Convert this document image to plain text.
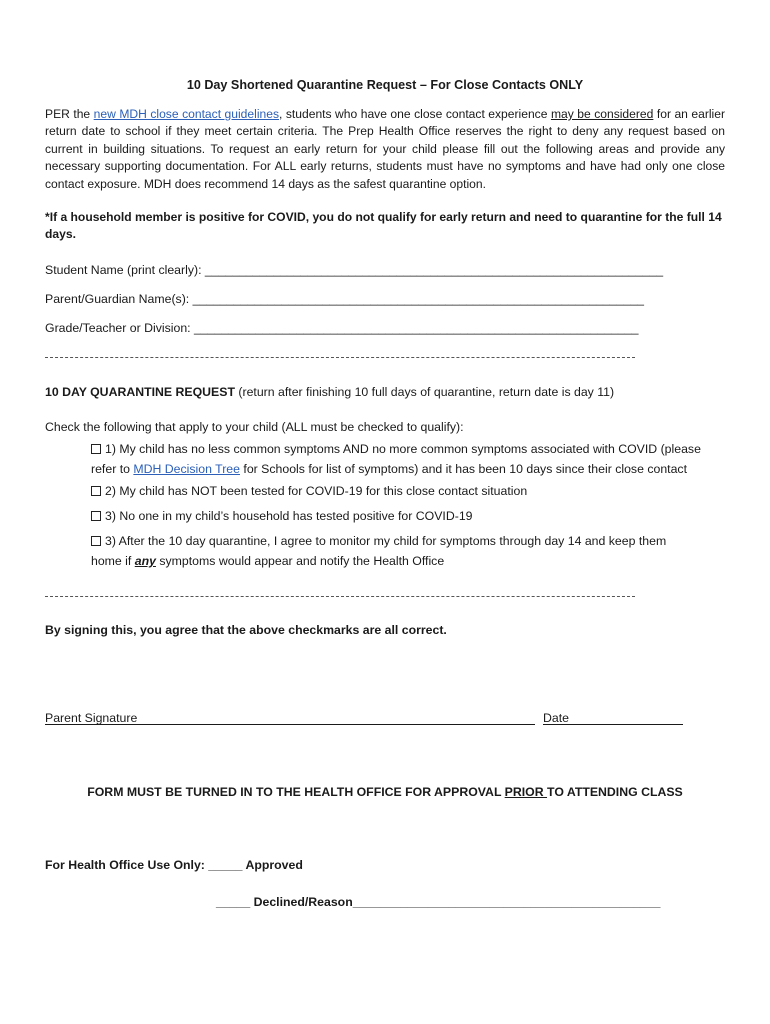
10 Day Shortened Quarantine Request – For Close Contacts ONLY
PER the new MDH close contact guidelines, students who have one close contact experience may be considered for an earlier return date to school if they meet certain criteria. The Prep Health Office reserves the right to deny any request based on current in building situations. To request an early return for your child please fill out the following areas and provide any necessary supporting documentation. For ALL early returns, students must have no symptoms and have had only one close contact exposure. MDH does recommend 14 days as the safest quarantine option.
*If a household member is positive for COVID, you do not qualify for early return and need to quarantine for the full 14 days.
Student Name (print clearly): ___________________________________________________________________
Parent/Guardian Name(s): __________________________________________________________________
Grade/Teacher or Division: _________________________________________________________________
10 DAY QUARANTINE REQUEST (return after finishing 10 full days of quarantine, return date is day 11)
Check the following that apply to your child (ALL must be checked to qualify):
1) My child has no less common symptoms AND no more common symptoms associated with COVID (please
refer to MDH Decision Tree for Schools for list of symptoms) and it has been 10 days since their close contact
2) My child has NOT been tested for COVID-19 for this close contact situation
3) No one in my child’s household has tested positive for COVID-19
3) After the 10 day quarantine, I agree to monitor my child for symptoms through day 14 and keep them
home if any symptoms would appear and notify the Health Office
By signing this, you agree that the above checkmarks are all correct.
Parent Signature	Date
FORM MUST BE TURNED IN TO THE HEALTH OFFICE FOR APPROVAL PRIOR TO ATTENDING CLASS
For Health Office Use Only: _____ Approved
_____ Declined/Reason_____________________________________________
